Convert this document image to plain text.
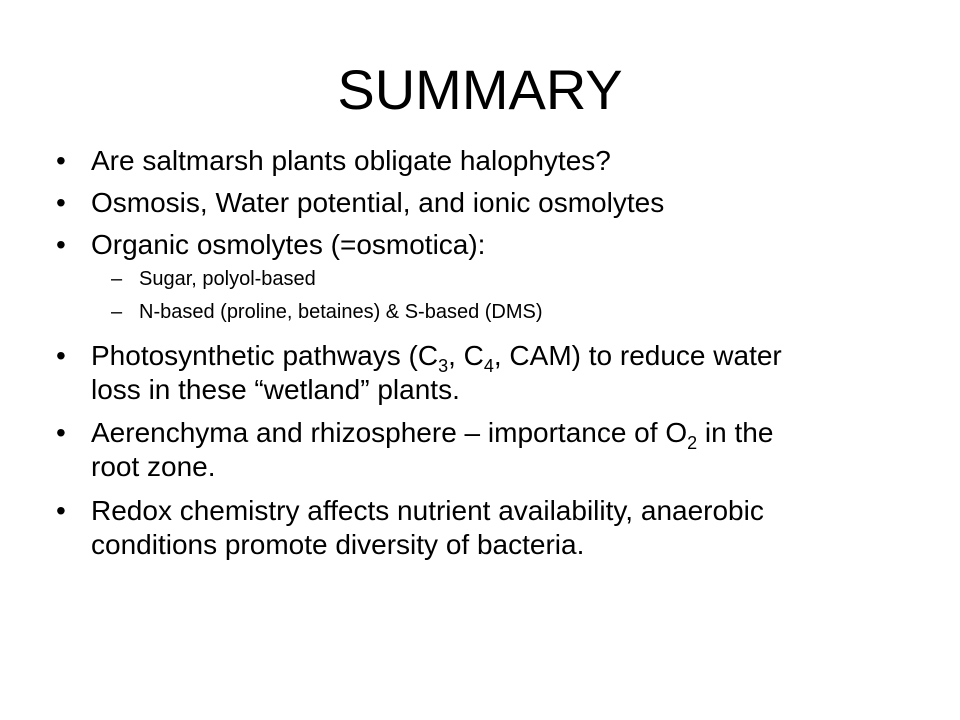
SUMMARY
• Are saltmarsh plants obligate halophytes?
• Osmosis, Water potential, and ionic osmolytes
• Organic osmolytes (=osmotica):
– Sugar, polyol-based
– N-based (proline, betaines) & S-based (DMS)
• Photosynthetic pathways ($C_3$, $C_4$, CAM) to reduce water
loss in these “wetland” plants.
• Aerenchyma and rhizosphere – importance of $O_2$ in the
root zone.
• Redox chemistry affects nutrient availability, anaerobic
conditions promote diversity of bacteria.
